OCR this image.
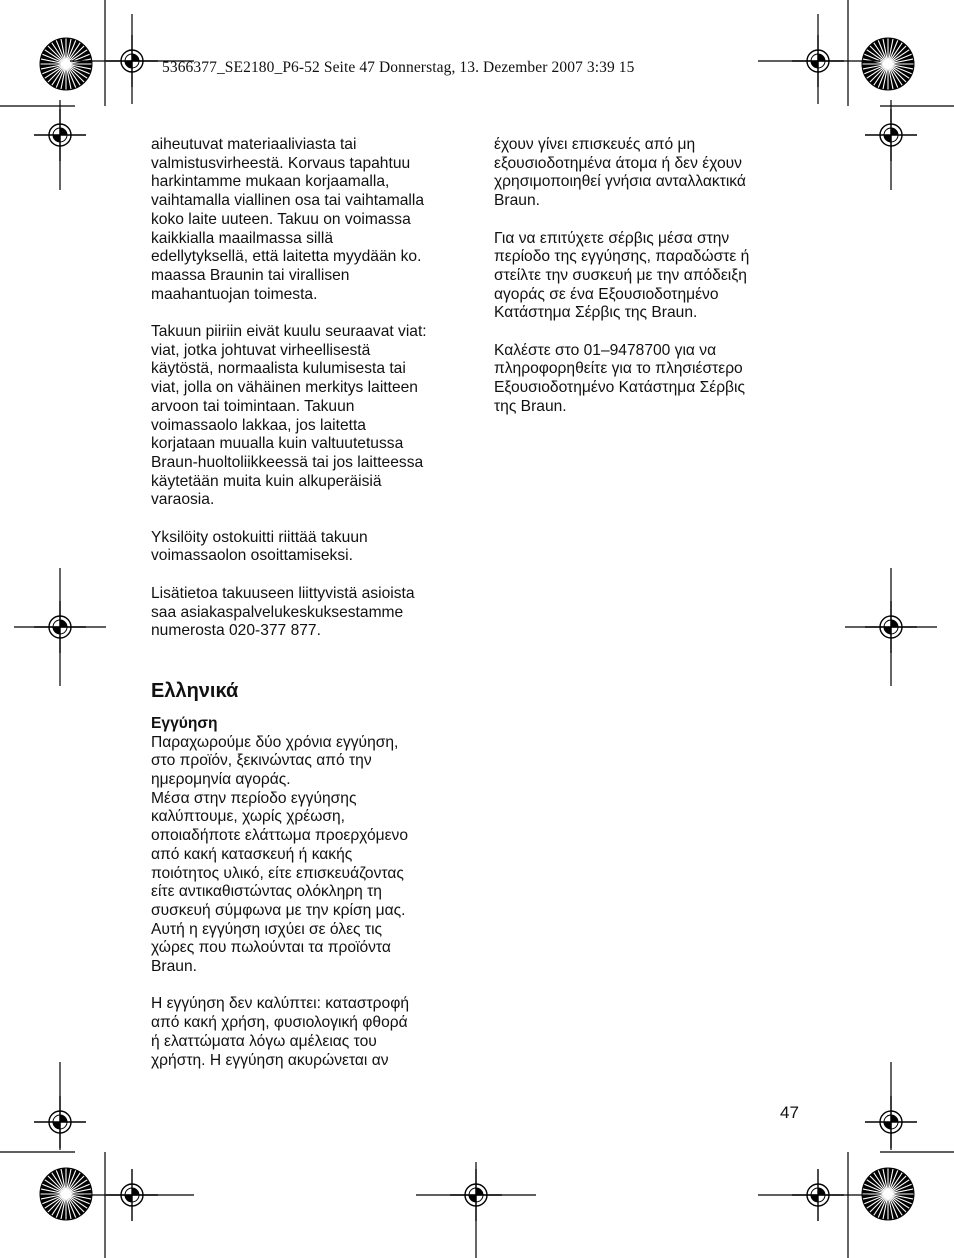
5366377_SE2180_P6-52 Seite 47 Donnerstag, 13. Dezember 2007 3:39 15

aiheutuvat materiaaliviasta tai
valmistusvirheestä. Korvaus tapahtuu
harkintamme mukaan korjaamalla,
vaihtamalla viallinen osa tai vaihtamalla
koko laite uuteen. Takuu on voimassa
kaikkialla maailmassa sillä
edellytyksellä, että laitetta myydään ko.
maassa Braunin tai virallisen
maahantuojan toimesta.

Takuun piiriin eivät kuulu seuraavat viat:
viat, jotka johtuvat virheellisestä
käytöstä, normaalista kulumisesta tai
viat, jolla on vähäinen merkitys laitteen
arvoon tai toimintaan. Takuun
voimassaolo lakkaa, jos laitetta
korjataan muualla kuin valtuutetussa
Braun-huoltoliikkeessä tai jos laitteessa
käytetään muita kuin alkuperäisiä
varaosia.

Yksilöity ostokuitti riittää takuun
voimassaolon osoittamiseksi.

Lisätietoa takuuseen liittyvistä asioista
saa asiakaspalvelukeskuksestamme
numerosta 020-377 877.

Ελληνικά

Εγγύηση

Παραχωρούμε δύο χρόνια εγγύηση,
στο προϊόν, ξεκινώντας από την
ημερομηνία αγοράς.
Μέσα στην περίοδο εγγύησης
καλύπτουμε, χωρίς χρέωση,
οποιαδήποτε ελάττωμα προερχόμενο
από κακή κατασκευή ή κακής
ποιότητος υλικό, είτε επισκευάζοντας
είτε αντικαθιστώντας ολόκληρη τη
συσκευή σύμφωνα με την κρίση μας.
Αυτή η εγγύηση ισχύει σε όλες τις
χώρες που πωλούνται τα προϊόντα
Braun.

Η εγγύηση δεν καλύπτει: καταστροφή
από κακή χρήση, φυσιολογική φθορά
ή ελαττώματα λόγω αμέλειας του
χρήστη. Η εγγύηση ακυρώνεται αν

έχουν γίνει επισκευές από μη
εξουσιοδοτημένα άτομα ή δεν έχουν
χρησιμοποιηθεί γνήσια ανταλλακτικά
Braun.

Για να επιτύχετε σέρβις μέσα στην
περίοδο της εγγύησης, παραδώστε ή
στείλτε την συσκευή με την απόδειξη
αγοράς σε ένα Εξουσιοδοτημένο
Κατάστημα Σέρβις της Braun.

Καλέστε στο 01–9478700 για να
πληροφορηθείτε για το πλησιέστερο
Εξουσιοδοτημένο Κατάστημα Σέρβις
της Braun.

47
